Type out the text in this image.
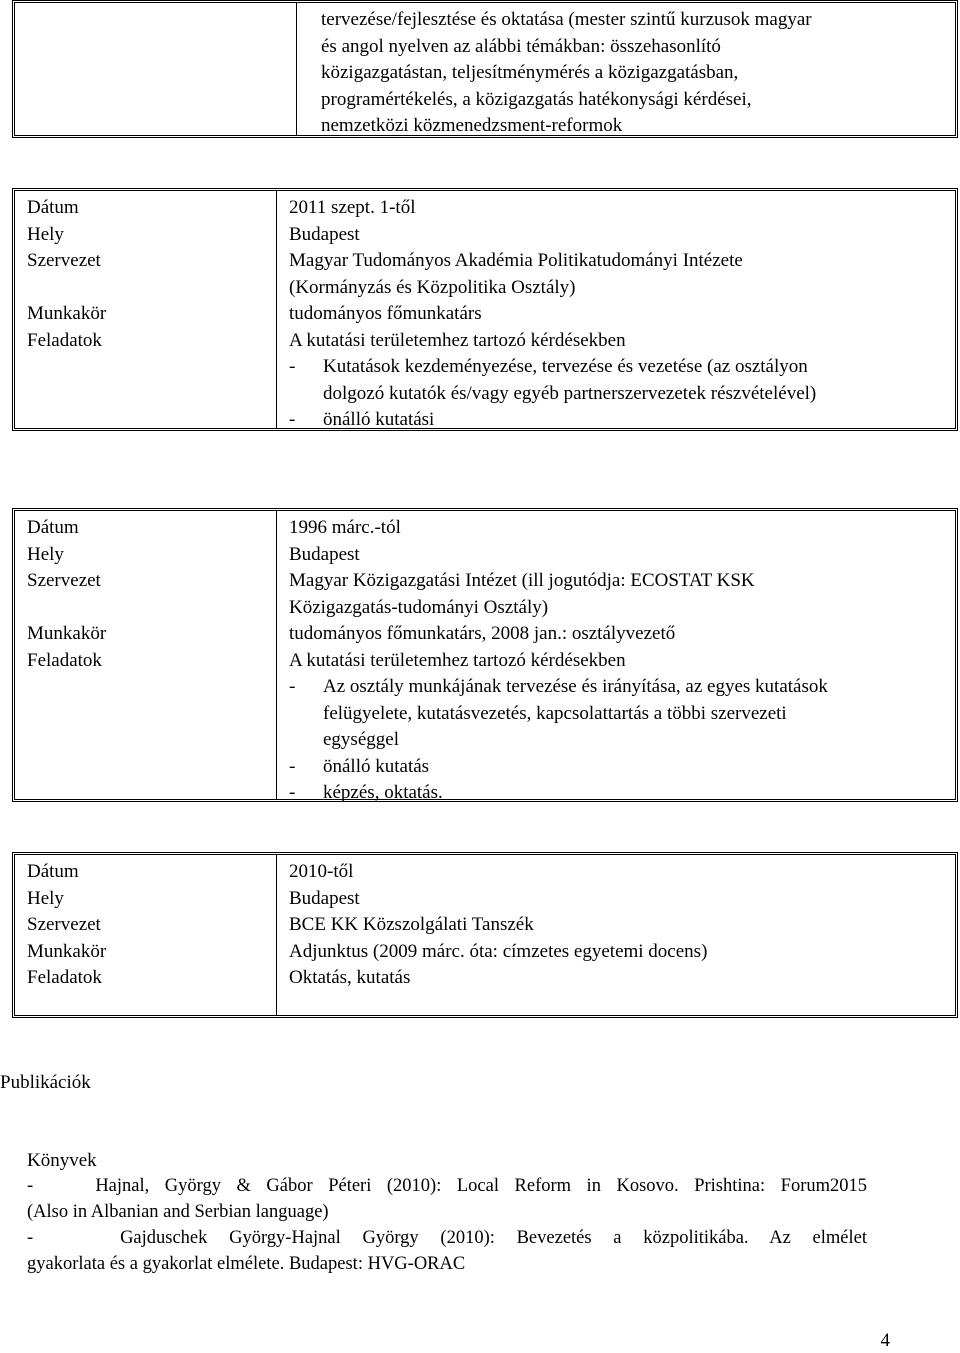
tervezése/fejlesztése és oktatása (mester szintű kurzusok magyar
és angol nyelven az alábbi témákban: összehasonlító
közigazgatástan, teljesítménymérés a közigazgatásban,
programértékelés, a közigazgatás hatékonysági kérdései,
nemzetközi közmenedzsment-reformok
Dátum
Hely
Szervezet
Munkakör
Feladatok
2011 szept. 1-től
Budapest
Magyar Tudományos Akadémia Politikatudományi Intézete
(Kormányzás és Közpolitika Osztály)
tudományos főmunkatárs
A kutatási területemhez tartozó kérdésekben
- Kutatások kezdeményezése, tervezése és vezetése (az osztályon
dolgozó kutatók és/vagy egyéb partnerszervezetek részvételével)
- önálló kutatási
Dátum
Hely
Szervezet
Munkakör
Feladatok
1996 márc.-tól
Budapest
Magyar Közigazgatási Intézet (ill jogutódja: ECOSTAT KSK
Közigazgatás-tudományi Osztály)
tudományos főmunkatárs, 2008 jan.: osztályvezető
A kutatási területemhez tartozó kérdésekben
- Az osztály munkájának tervezése és irányítása, az egyes kutatások
felügyelete, kutatásvezetés, kapcsolattartás a többi szervezeti
egységgel
- önálló kutatás
- képzés, oktatás.
Dátum
Hely
Szervezet
Munkakör
Feladatok
2010-től
Budapest
BCE KK Közszolgálati Tanszék
Adjunktus (2009 márc. óta: címzetes egyetemi docens)
Oktatás, kutatás
Publikációk
Könyvek
-	Hajnal, György & Gábor Péteri (2010): Local Reform in Kosovo. Prishtina: Forum2015
(Also in Albanian and Serbian language)
-	Gajduschek György-Hajnal György (2010): Bevezetés a közpolitikába. Az elmélet
gyakorlata és a gyakorlat elmélete. Budapest: HVG-ORAC
4
